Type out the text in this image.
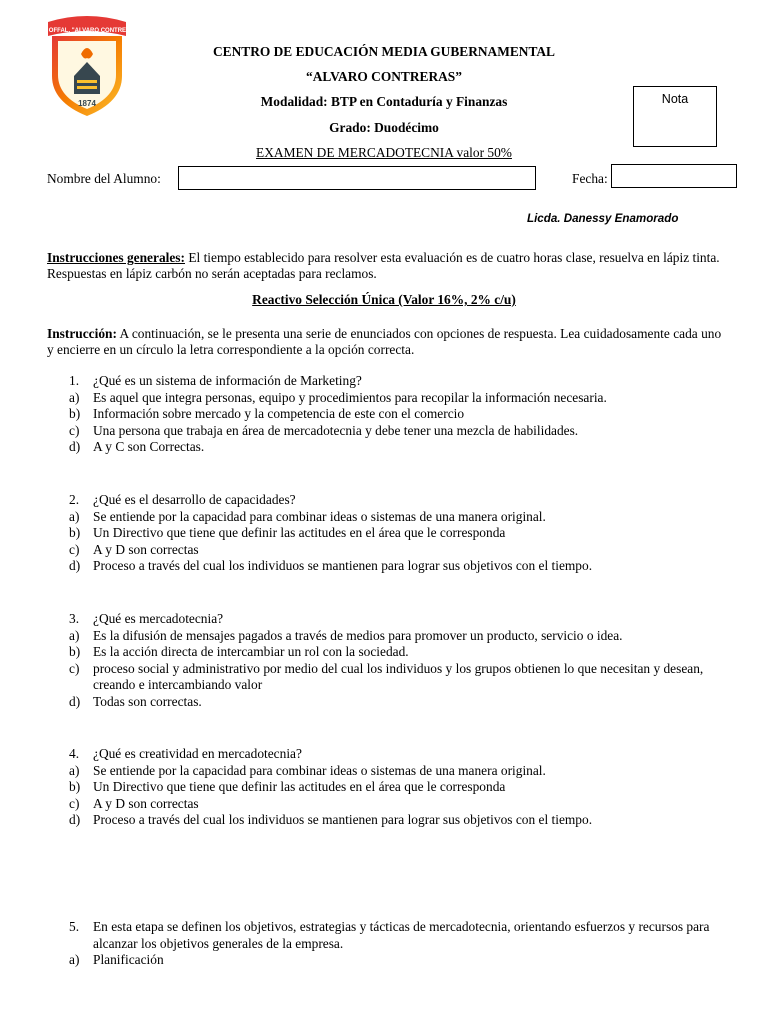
INST. OFFAL. "ALVARO CONTRERAS"
1874
CENTRO DE EDUCACIÓN MEDIA GUBERNAMENTAL
“ALVARO CONTRERAS”
Modalidad: BTP en Contaduría y Finanzas
Grado: Duodécimo
EXAMEN DE MERCADOTECNIA valor 50%
Nota
Nombre del Alumno:	Fecha:
Licda. Danessy Enamorado
Instrucciones generales: El tiempo establecido para resolver esta evaluación es de cuatro horas clase, resuelva en lápiz tinta. Respuestas en lápiz carbón no serán aceptadas para reclamos.
Reactivo Selección Única (Valor 16%, 2% c/u)
Instrucción: A continuación, se le presenta una serie de enunciados con opciones de respuesta. Lea cuidadosamente cada uno y encierre en un círculo la letra correspondiente a la opción correcta.
1.	¿Qué es un sistema de información de Marketing?
a)	Es aquel que integra personas, equipo y procedimientos para recopilar la información necesaria.
b) Información sobre mercado y la competencia de este con el comercio
c)	Una persona que trabaja en área de mercadotecnia y debe tener una mezcla de habilidades.
d) A y C son Correctas.
2.	¿Qué es el desarrollo de capacidades?
a)	Se entiende por la capacidad para combinar ideas o sistemas de una manera original.
b) Un Directivo que tiene que definir las actitudes en el área que le corresponda
c)	A y D son correctas
d) Proceso a través del cual los individuos se mantienen para lograr sus objetivos con el tiempo.
3.	¿Qué es mercadotecnia?
a)	Es la difusión de mensajes pagados a través de medios para promover un producto, servicio o idea.
b) Es la acción directa de intercambiar un rol con la sociedad.
c)	proceso social y administrativo por medio del cual los individuos y los grupos obtienen lo que necesitan y desean, creando e intercambiando valor
d) Todas son correctas.
4.	¿Qué es creatividad en mercadotecnia?
a)	Se entiende por la capacidad para combinar ideas o sistemas de una manera original.
b) Un Directivo que tiene que definir las actitudes en el área que le corresponda
c)	A y D son correctas
d) Proceso a través del cual los individuos se mantienen para lograr sus objetivos con el tiempo.
5.	En esta etapa se definen los objetivos, estrategias y tácticas de mercadotecnia, orientando esfuerzos y recursos para alcanzar los objetivos generales de la empresa.
a)	Planificación
